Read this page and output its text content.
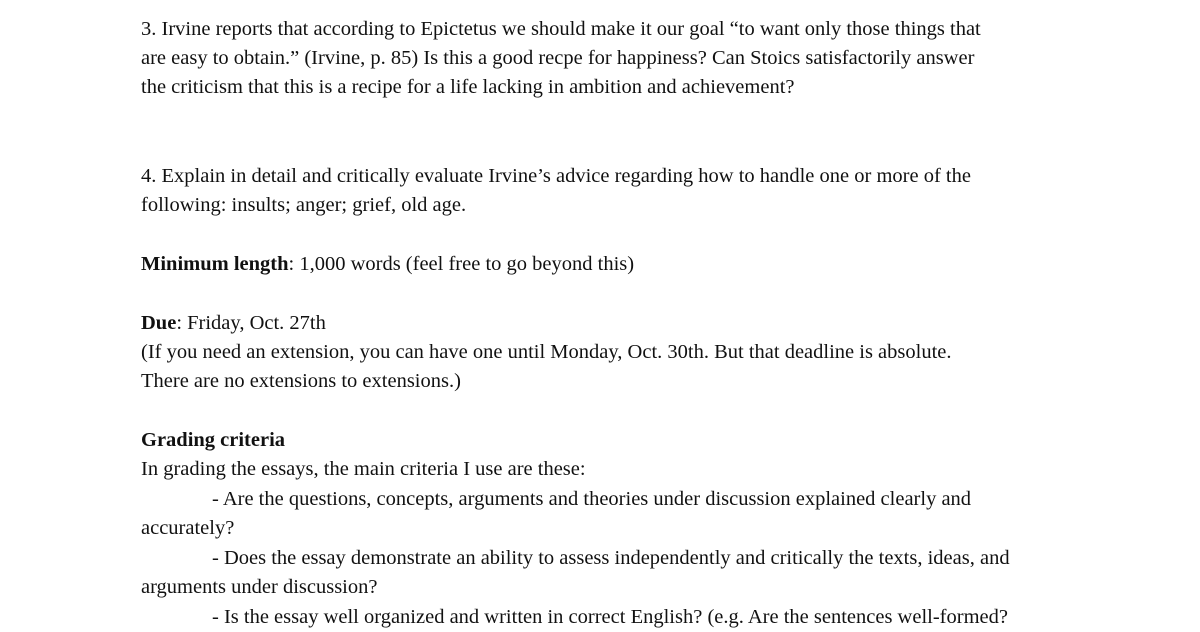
3. Irvine reports that according to Epictetus we should make it our goal “to want only those things that
are easy to obtain.” (Irvine, p. 85) Is this a good recpe for happiness? Can Stoics satisfactorily answer
the criticism that this is a recipe for a life lacking in ambition and achievement?
4. Explain in detail and critically evaluate Irvine’s advice regarding how to handle one or more of the
following: insults; anger; grief, old age.
Minimum length: 1,000 words (feel free to go beyond this)
Due: Friday, Oct. 27th
(If you need an extension, you can have one until Monday, Oct. 30th. But that deadline is absolute.
There are no extensions to extensions.)
Grading criteria
In grading the essays, the main criteria I use are these:
- Are the questions, concepts, arguments and theories under discussion explained clearly and
accurately?
- Does the essay demonstrate an ability to assess independently and critically the texts, ideas, and
arguments under discussion?
- Is the essay well organized and written in correct English? (e.g. Are the sentences well-formed?
